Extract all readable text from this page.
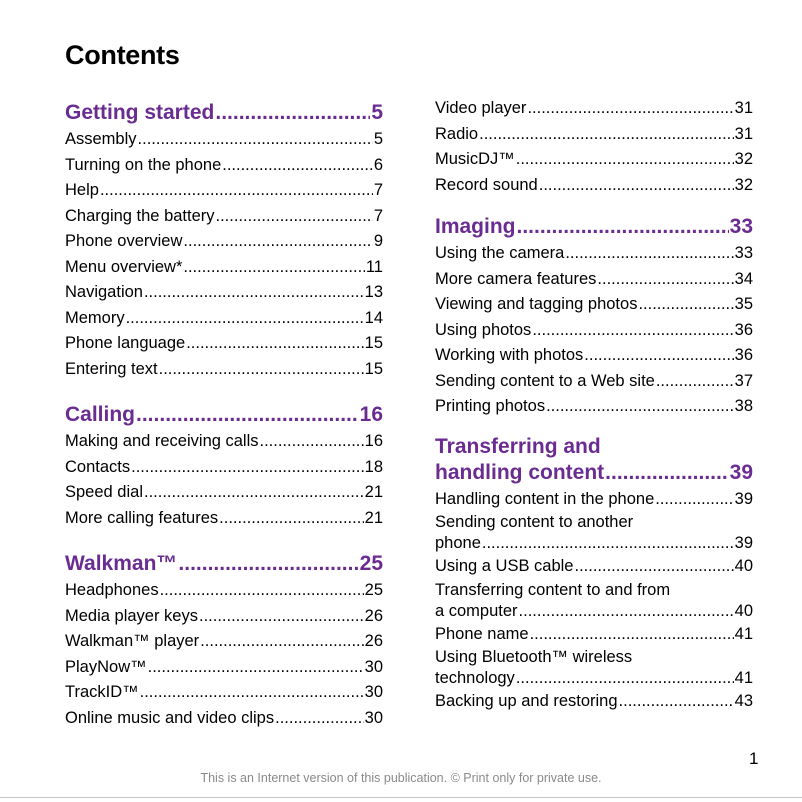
Contents
Getting started .....	5
Assembly .....	5
Turning on the phone .....	6
Help .....	7
Charging the battery .....	7
Phone overview .....	9
Menu overview* .....	11
Navigation .....	13
Memory .....	14
Phone language .....	15
Entering text .....	15
Calling .....	16
Making and receiving calls .....	16
Contacts .....	18
Speed dial .....	21
More calling features .....	21
Walkman™ .....	25
Headphones .....	25
Media player keys .....	26
Walkman™ player .....	26
PlayNow™ .....	30
TrackID™ .....	30
Online music and video clips .....	30
Video player .....	31
Radio .....	31
MusicDJ™ .....	32
Record sound .....	32
Imaging .....	33
Using the camera .....	33
More camera features .....	34
Viewing and tagging photos .....	35
Using photos .....	36
Working with photos .....	36
Sending content to a Web site .....	37
Printing photos .....	38
Transferring and
handling content .....	39
Handling content in the phone .....	39
Sending content to another
phone .....	39
Using a USB cable .....	40
Transferring content to and from
a computer .....	40
Phone name .....	41
Using Bluetooth™ wireless
technology .....	41
Backing up and restoring .....	43
1
This is an Internet version of this publication. © Print only for private use.
